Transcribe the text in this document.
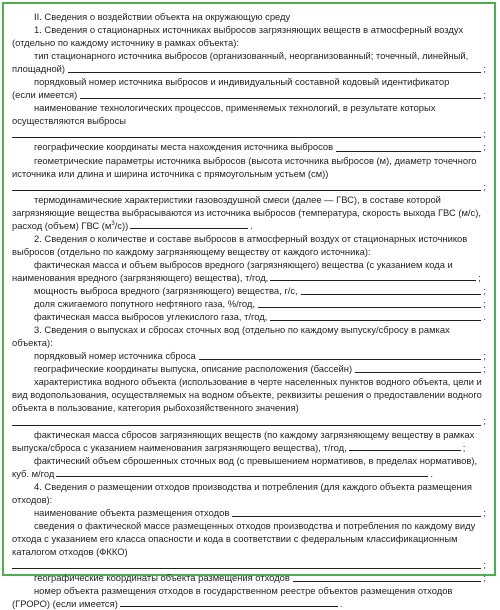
II. Сведения о воздействии объекта на окружающую среду

1. Сведения о стационарных источниках выбросов загрязняющих веществ в атмосферный воздух (отдельно по каждому источнику в рамках объекта):

тип стационарного источника выбросов (организованный, неорганизованный; точечный, линейный,

площадной)	;

порядковый номер источника выбросов и индивидуальный составной кодовый идентификатор

(если имеется)	;
наименование технологических процессов, применяемых технологий, в результате которых осуществляются выбросы
;
географические координаты места нахождения источника выбросов	;
геометрические параметры источника выбросов (высота источника выбросов (м), диаметр точечного источника или длина и ширина источника с прямоугольным устьем (см))
;

термодинамические характеристики газовоздушной смеси (далее — ГВС), в составе которой загрязняющие вещества выбрасываются из источника выбросов (температура, скорость выхода ГВС (м/с), расход (объем) ГВС $(м^3/с)$)	.

2. Сведения о количестве и составе выбросов в атмосферный воздух от стационарных источников выбросов (отдельно по каждому загрязняющему веществу от каждого источника):

фактическая масса и объем выбросов вредного (загрязняющего) вещества (с указанием кода и наименования вредного (загрязняющего) вещества), т/год,	;

мощность выброса вредного (загрязняющего) вещества, г/с,	;
доля сжигаемого попутного нефтяного газа, %/год,	;
фактическая масса выбросов углекислого газа, т/год,	.

3. Сведения о выпусках и сбросах сточных вод (отдельно по каждому выпуску/сбросу в рамках объекта):

порядковый номер источника сброса	;
географические координаты выпуска, описание расположения (бассейн)	;

характеристика водного объекта (использование в черте населенных пунктов водного объекта, цели и вид водопользования, осуществляемых на водном объекте, реквизиты решения о предоставлении водного объекта в пользование, категория рыбохозяйственного значения)

;

фактическая масса сбросов загрязняющих веществ (по каждому загрязняющему веществу в рамках выпуска/сброса с указанием наименования загрязняющего вещества), т/год,	;

фактический объем сброшенных сточных вод (с превышением нормативов, в пределах нормативов), куб. м/год	.

4. Сведения о размещении отходов производства и потребления (для каждого объекта размещения отходов):

наименование объекта размещения отходов	;

сведения о фактической массе размещенных отходов производства и потребления по каждому виду отхода с указанием его класса опасности и кода в соответствии с федеральным классификационным каталогом отходов (ФККО)

;
географические координаты объекта размещения отходов	;

номер объекта размещения отходов в государственном реестре объектов размещения отходов (ГРОРО) (если имеется)	.
